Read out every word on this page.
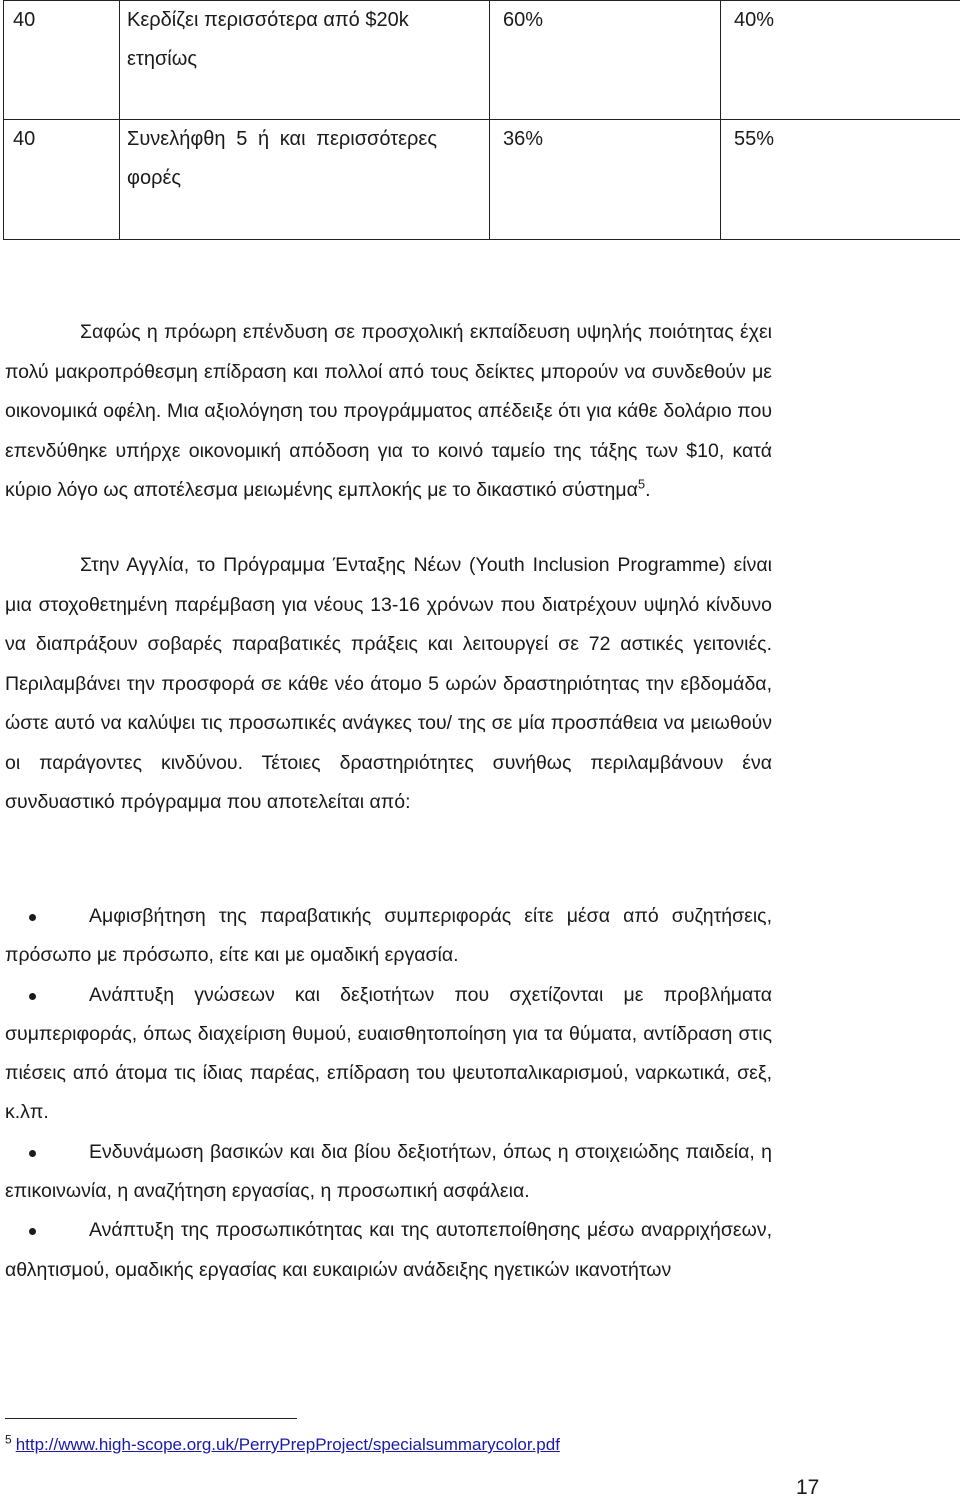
40	Κερδίζει περισσότερα από $20k ετησίως	60%	40%

40	Συνελήφθη 5 ή και περισσότερες φορές	36%	55%

Σαφώς η πρόωρη επένδυση σε προσχολική εκπαίδευση υψηλής ποιότητας έχει πολύ μακροπρόθεσμη επίδραση και πολλοί από τους δείκτες μπορούν να συνδεθούν με οικονομικά οφέλη. Μια αξιολόγηση του προγράμματος απέδειξε ότι για κάθε δολάριο που επενδύθηκε υπήρχε οικονομική απόδοση για το κοινό ταμείο της τάξης των $10, κατά κύριο λόγο ως αποτέλεσμα μειωμένης εμπλοκής με το δικαστικό σύστημα$^5$.

Στην Αγγλία, το Πρόγραμμα Ένταξης Νέων (Youth Inclusion Programme) είναι μια στοχοθετημένη παρέμβαση για νέους 13-16 χρόνων που διατρέχουν υψηλό κίνδυνο να διαπράξουν σοβαρές παραβατικές πράξεις και λειτουργεί σε 72 αστικές γειτονιές. Περιλαμβάνει την προσφορά σε κάθε νέο άτομο 5 ωρών δραστηριότητας την εβδομάδα, ώστε αυτό να καλύψει τις προσωπικές ανάγκες του/ της σε μία προσπάθεια να μειωθούν οι παράγοντες κινδύνου. Τέτοιες δραστηριότητες συνήθως περιλαμβάνουν ένα συνδυαστικό πρόγραμμα που αποτελείται από:

Αμφισβήτηση της παραβατικής συμπεριφοράς είτε μέσα από συζητήσεις, πρόσωπο με πρόσωπο, είτε και με ομαδική εργασία.
Ανάπτυξη γνώσεων και δεξιοτήτων που σχετίζονται με προβλήματα συμπεριφοράς, όπως διαχείριση θυμού, ευαισθητοποίηση για τα θύματα, αντίδραση στις πιέσεις από άτομα τις ίδιας παρέας, επίδραση του ψευτοπαλικαρισμού, ναρκωτικά, σεξ, κ.λπ.
Ενδυνάμωση βασικών και δια βίου δεξιοτήτων, όπως η στοιχειώδης παιδεία, η επικοινωνία, η αναζήτηση εργασίας, η προσωπική ασφάλεια.
Ανάπτυξη της προσωπικότητας και της αυτοπεποίθησης μέσω αναρριχήσεων, αθλητισμού, ομαδικής εργασίας και ευκαιριών ανάδειξης ηγετικών ικανοτήτων
$^5$ http://www.high-scope.org.uk/PerryPrepProject/specialsummarycolor.pdf
17
